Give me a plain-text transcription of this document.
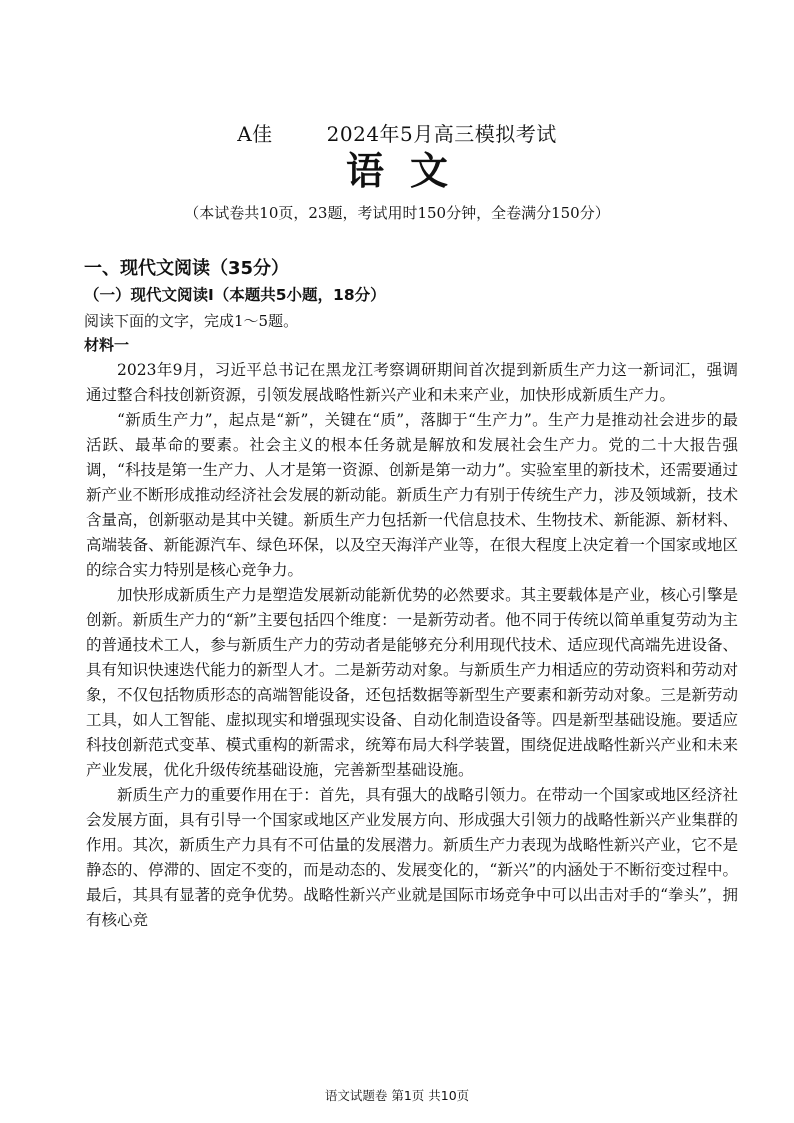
A佳	2024年5月高三模拟考试
语文
（本试卷共10页，23题，考试用时150分钟，全卷满分150分）
一、现代文阅读（35分）
（一）现代文阅读I（本题共5小题，18分）
阅读下面的文字，完成1～5题。
材料一

2023年9月，习近平总书记在黑龙江考察调研期间首次提到新质生产力这一新词汇，强调通过整合科技创新资源，引领发展战略性新兴产业和未来产业，加快形成新质生产力。

“新质生产力”，起点是“新”，关键在“质”，落脚于“生产力”。生产力是推动社会进步的最活跃、最革命的要素。社会主义的根本任务就是解放和发展社会生产力。党的二十大报告强调，“科技是第一生产力、人才是第一资源、创新是第一动力”。实验室里的新技术，还需要通过新产业不断形成推动经济社会发展的新动能。新质生产力有别于传统生产力，涉及领域新，技术含量高，创新驱动是其中关键。新质生产力包括新一代信息技术、生物技术、新能源、新材料、高端装备、新能源汽车、绿色环保，以及空天海洋产业等，在很大程度上决定着一个国家或地区的综合实力特别是核心竞争力。

加快形成新质生产力是塑造发展新动能新优势的必然要求。其主要载体是产业，核心引擎是创新。新质生产力的“新”主要包括四个维度：一是新劳动者。他不同于传统以简单重复劳动为主的普通技术工人，参与新质生产力的劳动者是能够充分利用现代技术、适应现代高端先进设备、具有知识快速迭代能力的新型人才。二是新劳动对象。与新质生产力相适应的劳动资料和劳动对象，不仅包括物质形态的高端智能设备，还包括数据等新型生产要素和新劳动对象。三是新劳动工具，如人工智能、虚拟现实和增强现实设备、自动化制造设备等。四是新型基础设施。要适应科技创新范式变革、模式重构的新需求，统筹布局大科学装置，围绕促进战略性新兴产业和未来产业发展，优化升级传统基础设施，完善新型基础设施。

新质生产力的重要作用在于：首先，具有强大的战略引领力。在带动一个国家或地区经济社会发展方面，具有引导一个国家或地区产业发展方向、形成强大引领力的战略性新兴产业集群的作用。其次，新质生产力具有不可估量的发展潜力。新质生产力表现为战略性新兴产业，它不是静态的、停滞的、固定不变的，而是动态的、发展变化的，“新兴”的内涵处于不断衍变过程中。最后，其具有显著的竞争优势。战略性新兴产业就是国际市场竞争中可以出击对手的“拳头”，拥有核心竞

语文试题卷 第1页 共10页
